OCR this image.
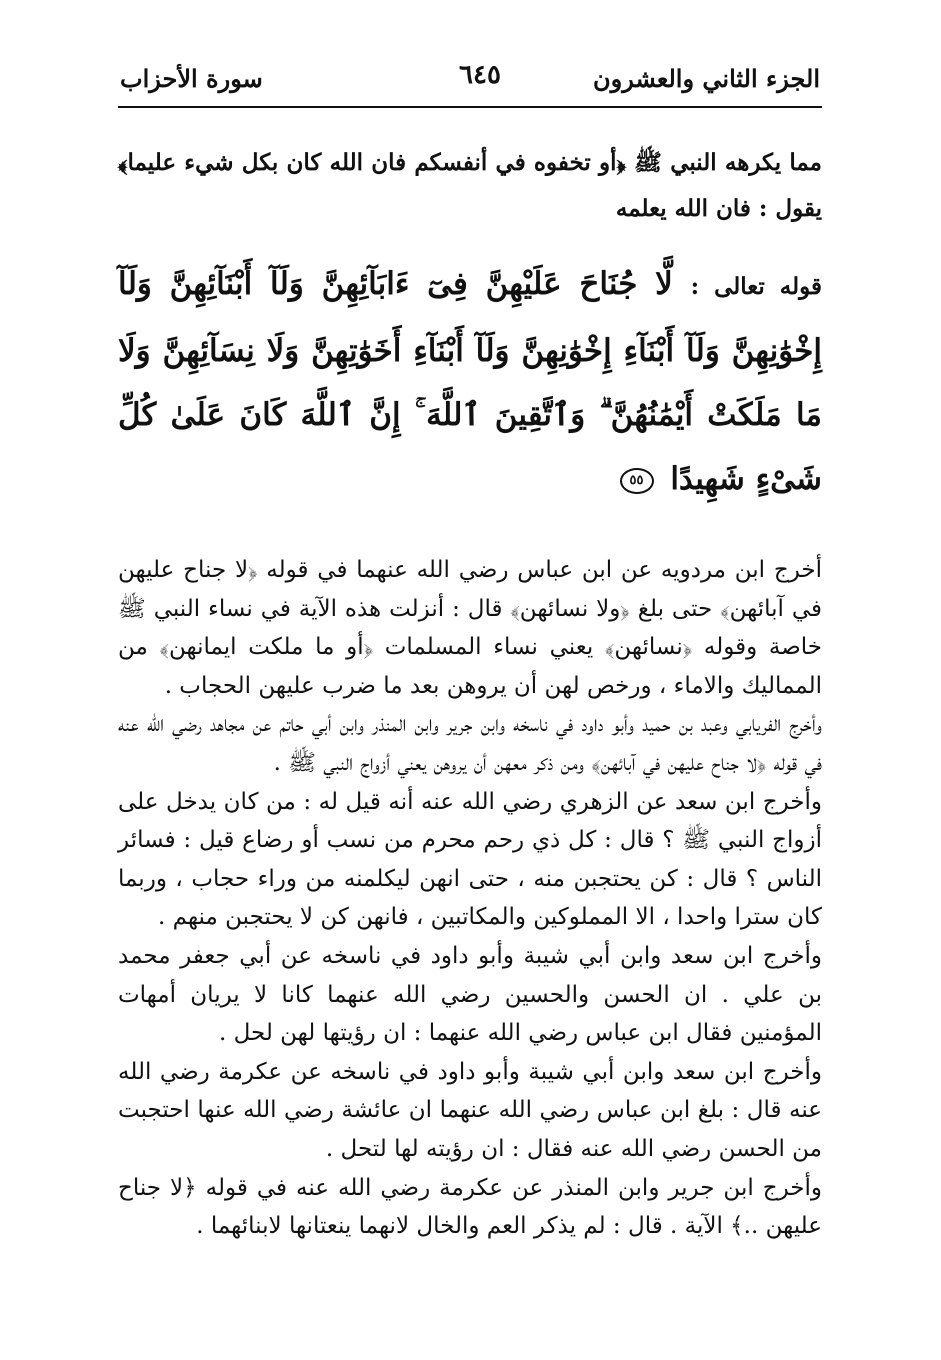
الجزء الثاني والعشرون
٦٤٥
سورة الأحزاب

مما يكرهه النبي ﷺ ﴿أو تخفوه في أنفسكم فان الله كان بكل شيء عليما﴾ يقول : فان الله يعلمه

قوله تعالى : لَّا جُنَاحَ عَلَيْهِنَّ فِىٓ ءَابَآئِهِنَّ وَلَآ أَبْنَآئِهِنَّ وَلَآ إِخْوَٰنِهِنَّ وَلَآ أَبْنَآءِ إِخْوَٰنِهِنَّ وَلَآ أَبْنَآءِ أَخَوَٰتِهِنَّ وَلَا نِسَآئِهِنَّ وَلَا مَا مَلَكَتْ أَيْمَٰنُهُنَّ ۗ وَٱتَّقِينَ ٱللَّهَ ۚ إِنَّ ٱللَّهَ كَانَ عَلَىٰ كُلِّ شَىْءٍ شَهِيدًا ٥٥

أخرج ابن مردويه عن ابن عباس رضي الله عنهما في قوله ﴿لا جناح عليهن في آبائهن﴾ حتى بلغ ﴿ولا نسائهن﴾ قال : أنزلت هذه الآية في نساء النبي ﷺ خاصة وقوله ﴿نسائهن﴾ يعني نساء المسلمات ﴿أو ما ملكت ايمانهن﴾ من المماليك والاماء ، ورخص لهن أن يروهن بعد ما ضرب عليهن الحجاب .

وأخرج الفريابي وعبد بن حميد وأبو داود في ناسخه وابن جرير وابن المنذر وابن أبي حاتم عن مجاهد رضي الله عنه في قوله ﴿لا جناح عليهن في آبائهن﴾ ومن ذكر معهن أن يروهن يعني أزواج النبي ﷺ .

وأخرج ابن سعد عن الزهري رضي الله عنه أنه قيل له : من كان يدخل على أزواج النبي ﷺ ؟ قال : كل ذي رحم محرم من نسب أو رضاع قيل : فسائر الناس ؟ قال : كن يحتجبن منه ، حتى انهن ليكلمنه من وراء حجاب ، وربما كان سترا واحدا ، الا المملوكين والمكاتبين ، فانهن كن لا يحتجبن منهم .

وأخرج ابن سعد وابن أبي شيبة وأبو داود في ناسخه عن أبي جعفر محمد بن علي . ان الحسن والحسين رضي الله عنهما كانا لا يريان أمهات المؤمنين فقال ابن عباس رضي الله عنهما : ان رؤيتها لهن لحل .

وأخرج ابن سعد وابن أبي شيبة وأبو داود في ناسخه عن عكرمة رضي الله عنه قال : بلغ ابن عباس رضي الله عنهما ان عائشة رضي الله عنها احتجبت من الحسن رضي الله عنه فقال : ان رؤيته لها لتحل .

وأخرج ابن جرير وابن المنذر عن عكرمة رضي الله عنه في قوله ﴿لا جناح عليهن ..﴾ الآية . قال : لم يذكر العم والخال لانهما ينعتانها لابنائهما .
